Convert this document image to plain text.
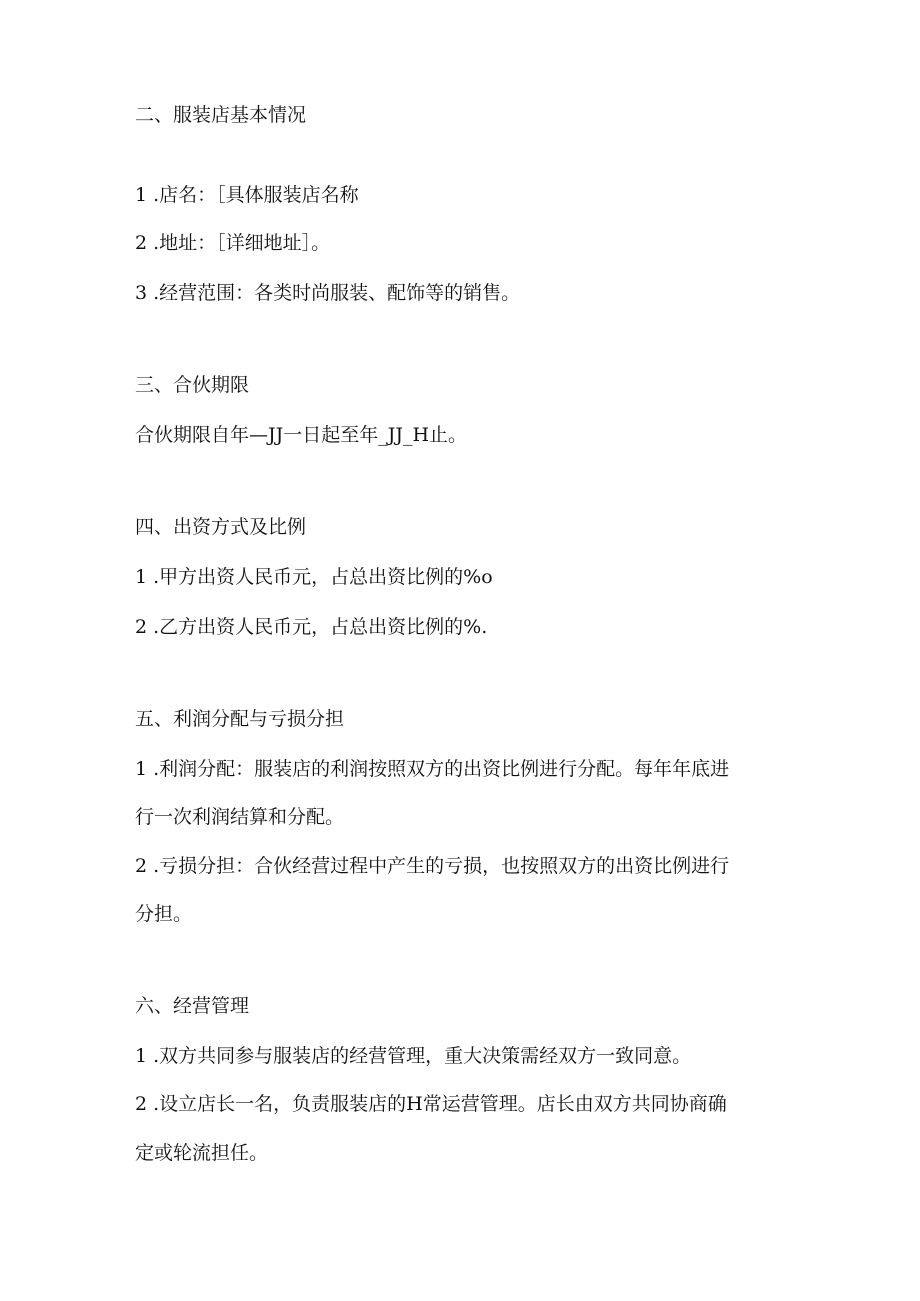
二、服装店基本情况
1 .店名：［具体服装店名称
2 .地址：［详细地址］。
3 .经营范围：各类时尚服装、配饰等的销售。
三、合伙期限
合伙期限自年—JJ一日起至年_JJ_H止。
四、出资方式及比例
1 .甲方出资人民币元，占总出资比例的%o
2 .乙方出资人民币元，占总出资比例的%.
五、利润分配与亏损分担
1 .利润分配：服装店的利润按照双方的出资比例进行分配。每年年底进
行一次利润结算和分配。
2 .亏损分担：合伙经营过程中产生的亏损，也按照双方的出资比例进行
分担。
六、经营管理
1 .双方共同参与服装店的经营管理，重大决策需经双方一致同意。
2 .设立店长一名，负责服装店的H常运营管理。店长由双方共同协商确
定或轮流担任。
